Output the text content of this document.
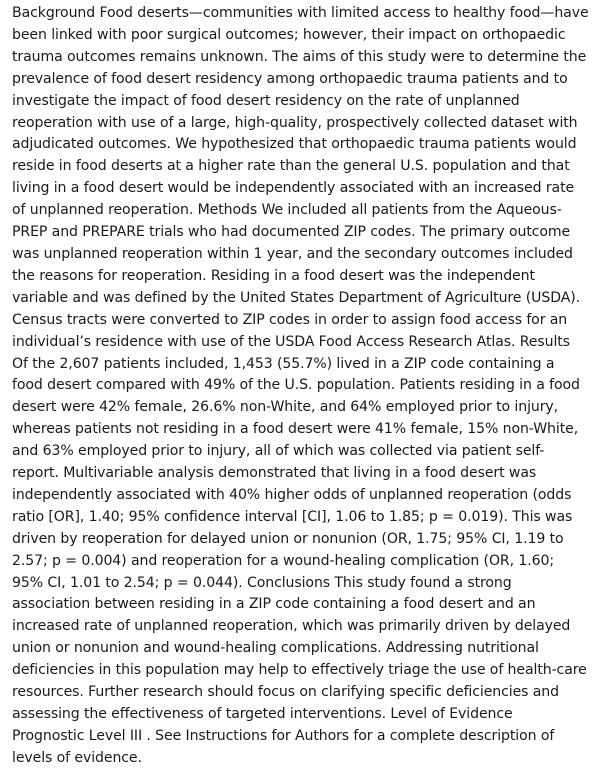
Background Food deserts—communities with limited access to healthy food—have been linked with poor surgical outcomes; however, their impact on orthopaedic trauma outcomes remains unknown. The aims of this study were to determine the prevalence of food desert residency among orthopaedic trauma patients and to investigate the impact of food desert residency on the rate of unplanned reoperation with use of a large, high-quality, prospectively collected dataset with adjudicated outcomes. We hypothesized that orthopaedic trauma patients would reside in food deserts at a higher rate than the general U.S. population and that living in a food desert would be independently associated with an increased rate of unplanned reoperation. Methods We included all patients from the Aqueous-PREP and PREPARE trials who had documented ZIP codes. The primary outcome was unplanned reoperation within 1 year, and the secondary outcomes included the reasons for reoperation. Residing in a food desert was the independent variable and was defined by the United States Department of Agriculture (USDA). Census tracts were converted to ZIP codes in order to assign food access for an individual’s residence with use of the USDA Food Access Research Atlas. Results Of the 2,607 patients included, 1,453 (55.7%) lived in a ZIP code containing a food desert compared with 49% of the U.S. population. Patients residing in a food desert were 42% female, 26.6% non-White, and 64% employed prior to injury, whereas patients not residing in a food desert were 41% female, 15% non-White, and 63% employed prior to injury, all of which was collected via patient self-report. Multivariable analysis demonstrated that living in a food desert was independently associated with 40% higher odds of unplanned reoperation (odds ratio [OR], 1.40; 95% confidence interval [CI], 1.06 to 1.85; p = 0.019). This was driven by reoperation for delayed union or nonunion (OR, 1.75; 95% CI, 1.19 to 2.57; p = 0.004) and reoperation for a wound-healing complication (OR, 1.60; 95% CI, 1.01 to 2.54; p = 0.044). Conclusions This study found a strong association between residing in a ZIP code containing a food desert and an increased rate of unplanned reoperation, which was primarily driven by delayed union or nonunion and wound-healing complications. Addressing nutritional deficiencies in this population may help to effectively triage the use of health-care resources. Further research should focus on clarifying specific deficiencies and assessing the effectiveness of targeted interventions. Level of Evidence Prognostic Level III . See Instructions for Authors for a complete description of levels of evidence.
